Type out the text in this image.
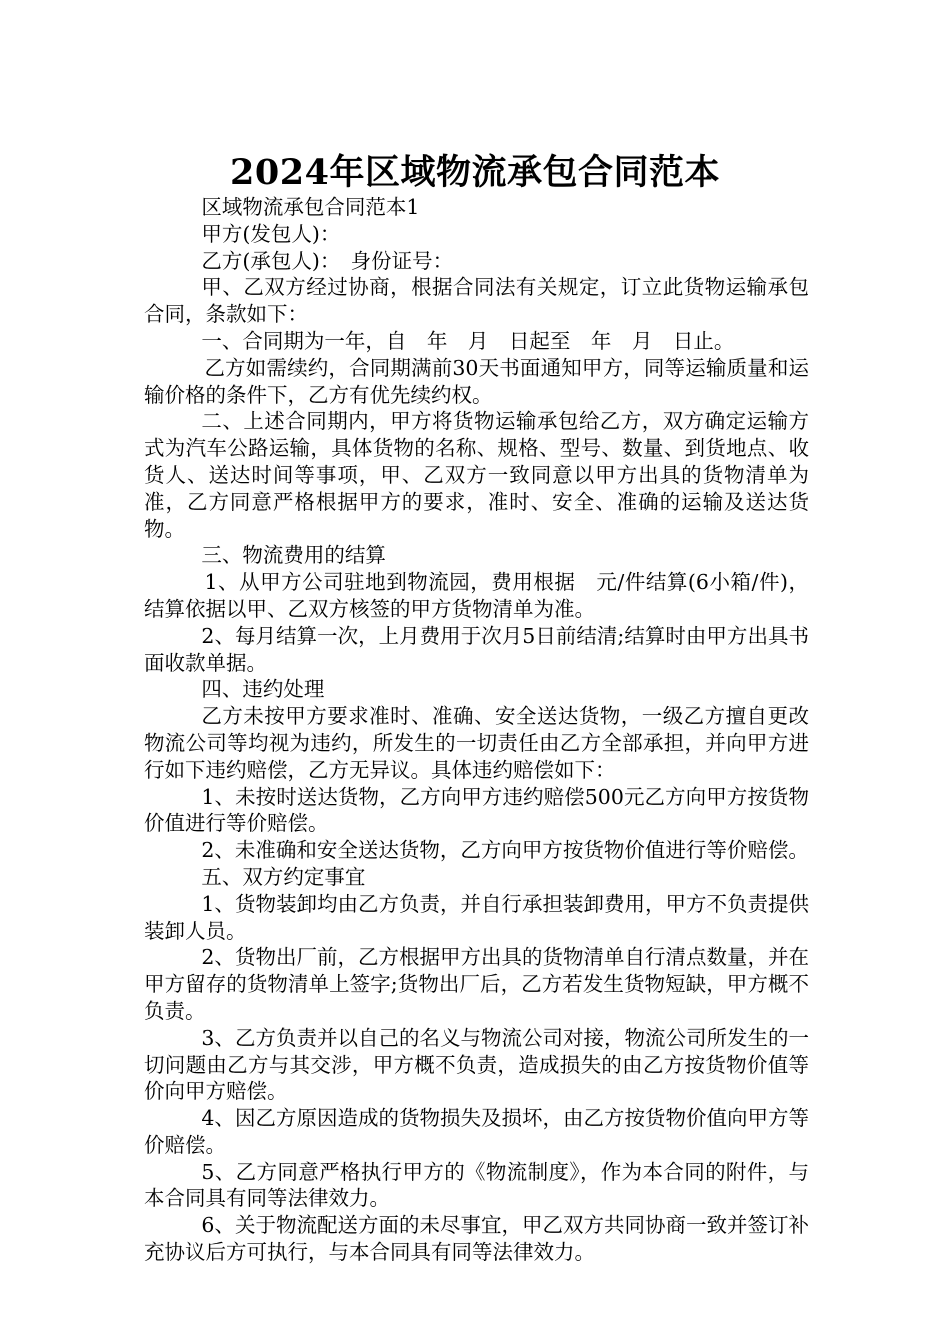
2024年区域物流承包合同范本

区域物流承包合同范本1

甲方(发包人)：

乙方(承包人)：　身份证号：

甲、乙双方经过协商，根据合同法有关规定，订立此货物运输承包合同，条款如下：

一、合同期为一年，自　年　月　日起至　年　月　日止。

乙方如需续约，合同期满前30天书面通知甲方，同等运输质量和运输价格的条件下，乙方有优先续约权。

二、上述合同期内，甲方将货物运输承包给乙方，双方确定运输方式为汽车公路运输，具体货物的名称、规格、型号、数量、到货地点、收货人、送达时间等事项，甲、乙双方一致同意以甲方出具的货物清单为准，乙方同意严格根据甲方的要求，准时、安全、准确的运输及送达货物。

三、物流费用的结算

1、从甲方公司驻地到物流园，费用根据　元/件结算(6小箱/件)，结算依据以甲、乙双方核签的甲方货物清单为准。

2、每月结算一次，上月费用于次月5日前结清;结算时由甲方出具书面收款单据。

四、违约处理

乙方未按甲方要求准时、准确、安全送达货物，一级乙方擅自更改物流公司等均视为违约，所发生的一切责任由乙方全部承担，并向甲方进行如下违约赔偿，乙方无异议。具体违约赔偿如下：

1、未按时送达货物，乙方向甲方违约赔偿500元乙方向甲方按货物价值进行等价赔偿。

2、未准确和安全送达货物，乙方向甲方按货物价值进行等价赔偿。

五、双方约定事宜

1、货物装卸均由乙方负责，并自行承担装卸费用，甲方不负责提供装卸人员。

2、货物出厂前，乙方根据甲方出具的货物清单自行清点数量，并在甲方留存的货物清单上签字;货物出厂后，乙方若发生货物短缺，甲方概不负责。

3、乙方负责并以自己的名义与物流公司对接，物流公司所发生的一切问题由乙方与其交涉，甲方概不负责，造成损失的由乙方按货物价值等价向甲方赔偿。

4、因乙方原因造成的货物损失及损坏，由乙方按货物价值向甲方等价赔偿。

5、乙方同意严格执行甲方的《物流制度》，作为本合同的附件，与本合同具有同等法律效力。

6、关于物流配送方面的未尽事宜，甲乙双方共同协商一致并签订补充协议后方可执行，与本合同具有同等法律效力。
